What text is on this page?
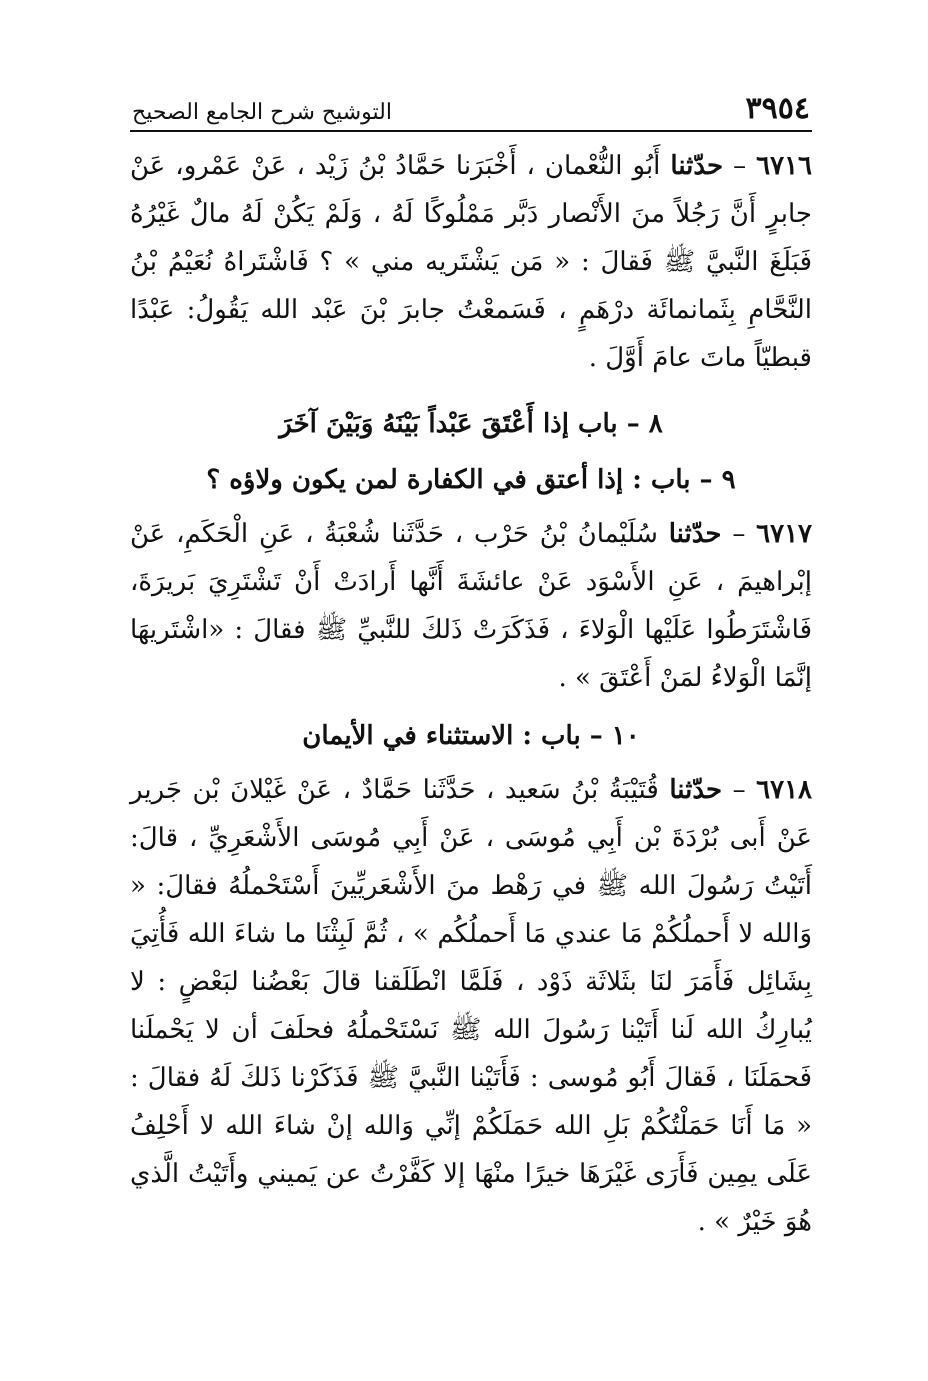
٣٩٥٤
التوشيح شرح الجامع الصحيح

٦٧١٦ – حدّثنا أَبُو النُّعْمان ، أَخْبَرَنا حَمَّادُ بْنُ زَيْد ، عَنْ عَمْرو، عَنْ جابرٍ أَنَّ رَجُلاً منَ الأَنْصار دَبَّر مَمْلُوكًا لَهُ ، وَلَمْ يَكُنْ لَهُ مالٌ غَيْرُهُ فَبَلَغَ النَّبيَّ ﷺ فَقالَ : « مَن يَشْتَريه مني » ؟ فَاشْتَراهُ نُعَيْمُ بْنُ النَّحَّامِ بِثَمانمائَة درْهَمٍ ، فَسَمعْتُ جابرَ بْنَ عَبْد الله يَقُولُ: عَبْدًا قبطيّاً ماتَ عامَ أَوَّلَ .

٨ – باب إذا أَعْتَقَ عَبْداً بَيْنَهُ وَبَيْنَ آخَرَ
٩ – باب : إذا أعتق في الكفارة لمن يكون ولاؤه ؟

٦٧١٧ – حدّثنا سُلَيْمانُ بْنُ حَرْب ، حَدَّثَنا شُعْبَةُ ، عَنِ الْحَكَمِ، عَنْ إبْراهيمَ ، عَنِ الأَسْوَد عَنْ عائشَةَ أَنَّها أَرادَتْ أَنْ تَشْتَرِيَ بَريرَةَ، فَاشْتَرَطُوا عَلَيْها الْوَلاءَ ، فَذَكَرَتْ ذَلكَ للنَّبيِّ ﷺ فقالَ : «اشْتَريهَا إنَّمَا الْوَلاءُ لمَنْ أَعْتَقَ » .

١٠ – باب : الاستثناء في الأيمان

٦٧١٨ – حدّثنا قُتَيْبَةُ بْنُ سَعيد ، حَدَّثَنا حَمَّادٌ ، عَنْ غَيْلانَ بْن جَرير عَنْ أَبى بُرْدَةَ بْن أَبِي مُوسَى ، عَنْ أَبِي مُوسَى الأَشْعَرِيِّ ، قالَ: أَتَيْتُ رَسُولَ الله ﷺ في رَهْط منَ الأَشْعَريِّينَ أَسْتَحْملُهُ فقالَ: « وَالله لا أَحملُكُمْ مَا عندي مَا أَحملُكُم » ، ثُمَّ لَبِثْنَا ما شاءَ الله فَأُتِيَ بِشَائِل فَأَمَرَ لنَا بثَلاثَة ذَوْد ، فَلَمَّا انْطَلَقنا قالَ بَعْضُنا لبَعْضٍ : لا يُبارِكُ الله لَنا أَتَيْنا رَسُولَ الله ﷺ نَسْتَحْملُهُ فحلَفَ أن لا يَحْملَنا فَحمَلَنَا ، فَقالَ أَبُو مُوسى : فَأَتَيْنا النَّبيَّ ﷺ فَذَكَرْنا ذَلكَ لَهُ فقالَ : « مَا أَنَا حَمَلْتُكُمْ بَلِ الله حَمَلَكُمْ إنِّي وَالله إنْ شاءَ الله لا أَحْلِفُ عَلَى يمِين فَأَرَى غَيْرَهَا خيرًا منْهَا إلا كَفَّرْتُ عن يَميني وأَتَيْتُ الَّذي هُوَ خَيْرٌ » .
